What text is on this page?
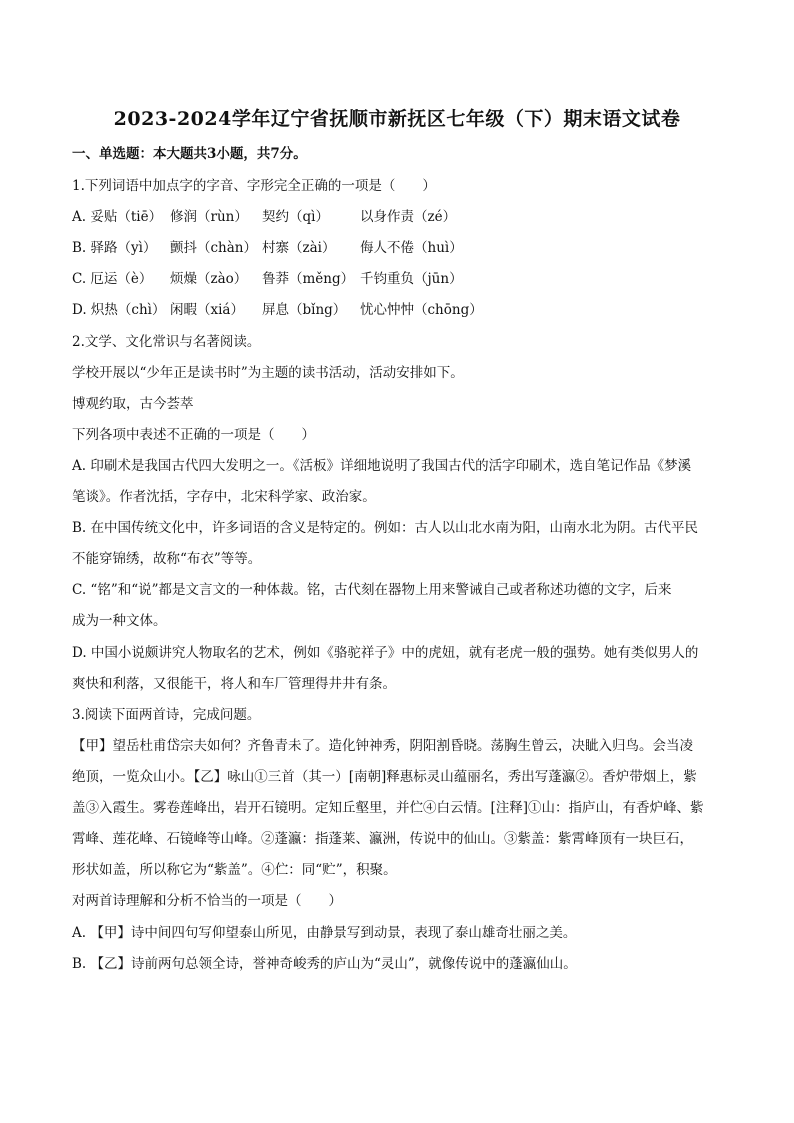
2023-2024学年辽宁省抚顺市新抚区七年级（下）期末语文试卷
一、单选题：本大题共3小题，共7分。
1.下列词语中加点字的字音、字形完全正确的一项是（　　）
A. 妥贴（tiē） 修润（rùn） 契约（qì） 以身作责（zé）
B. 驿路（yì） 颤抖（chàn） 村寨（zài） 侮人不倦（huì）
C. 厄运（è） 烦燥（zào） 鲁莽（měng） 千钧重负（jūn）
D. 炽热（chì） 闲暇（xiá） 屏息（bǐng） 忧心忡忡（chōng）
2.文学、文化常识与名著阅读。
学校开展以“少年正是读书时”为主题的读书活动，活动安排如下。
博观约取，古今荟萃
下列各项中表述不正确的一项是（　　）
A. 印刷术是我国古代四大发明之一。《活板》详细地说明了我国古代的活字印刷术，选自笔记作品《梦溪
笔谈》。作者沈括，字存中，北宋科学家、政治家。
B. 在中国传统文化中，许多词语的含义是特定的。例如：古人以山北水南为阳，山南水北为阴。古代平民
不能穿锦绣，故称“布衣”等等。
C. “铭”和“说”都是文言文的一种体裁。铭，古代刻在器物上用来警诫自己或者称述功德的文字，后来
成为一种文体。
D. 中国小说颇讲究人物取名的艺术，例如《骆驼祥子》中的虎妞，就有老虎一般的强势。她有类似男人的
爽快和利落，又很能干，将人和车厂管理得井井有条。
3.阅读下面两首诗，完成问题。
【甲】望岳杜甫岱宗夫如何？齐鲁青未了。造化钟神秀，阴阳割昏晓。荡胸生曾云，决眦入归鸟。会当凌
绝顶，一览众山小。【乙】咏山①三首（其一）[南朝]释惠标灵山蕴丽名，秀出写蓬瀛②。香炉带烟上，紫
盖③入霞生。雾卷莲峰出，岩开石镜明。定知丘壑里，并伫④白云情。[注释]①山：指庐山，有香炉峰、紫
霄峰、莲花峰、石镜峰等山峰。②蓬瀛：指蓬莱、瀛洲，传说中的仙山。③紫盖：紫霄峰顶有一块巨石，
形状如盖，所以称它为“紫盖”。④伫：同“贮”，积聚。
对两首诗理解和分析不恰当的一项是（　　）
A. 【甲】诗中间四句写仰望泰山所见，由静景写到动景，表现了泰山雄奇壮丽之美。
B. 【乙】诗前两句总领全诗，誉神奇峻秀的庐山为“灵山”，就像传说中的蓬瀛仙山。
